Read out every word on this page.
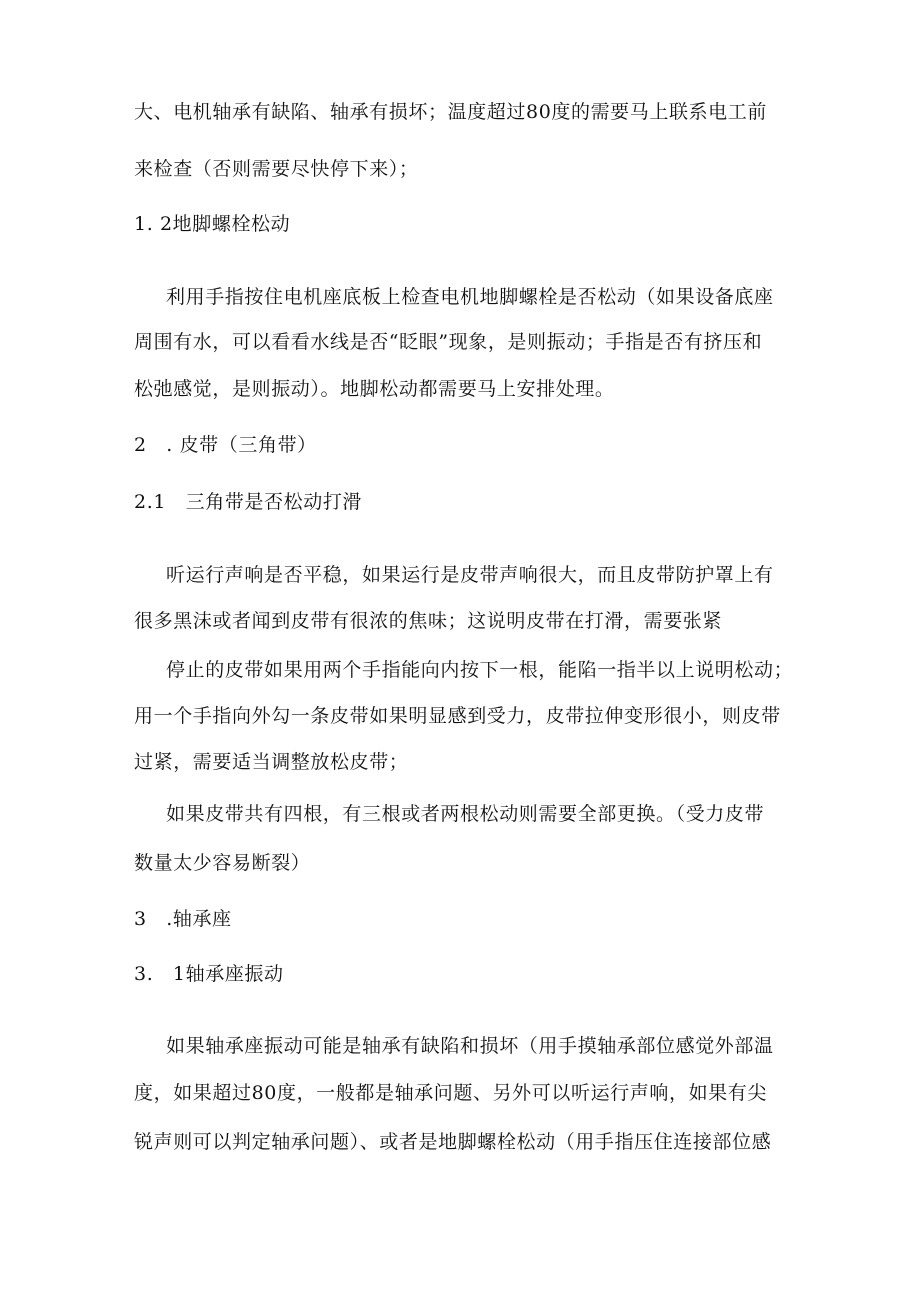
大、电机轴承有缺陷、轴承有损坏；温度超过80度的需要马上联系电工前
来检查（否则需要尽快停下来）；
1. 2地脚螺栓松动
利用手指按住电机座底板上检查电机地脚螺栓是否松动（如果设备底座
周围有水，可以看看水线是否“眨眼”现象，是则振动；手指是否有挤压和
松弛感觉，是则振动）。地脚松动都需要马上安排处理。
2　. 皮带（三角带）
2.1　三角带是否松动打滑
听运行声响是否平稳，如果运行是皮带声响很大，而且皮带防护罩上有
很多黑沫或者闻到皮带有很浓的焦味；这说明皮带在打滑，需要张紧
停止的皮带如果用两个手指能向内按下一根，能陷一指半以上说明松动；
用一个手指向外勾一条皮带如果明显感到受力，皮带拉伸变形很小，则皮带
过紧，需要适当调整放松皮带；
如果皮带共有四根，有三根或者两根松动则需要全部更换。（受力皮带
数量太少容易断裂）
3　.轴承座
3.　1轴承座振动
如果轴承座振动可能是轴承有缺陷和损坏（用手摸轴承部位感觉外部温
度，如果超过80度，一般都是轴承问题、另外可以听运行声响，如果有尖
锐声则可以判定轴承问题）、或者是地脚螺栓松动（用手指压住连接部位感
